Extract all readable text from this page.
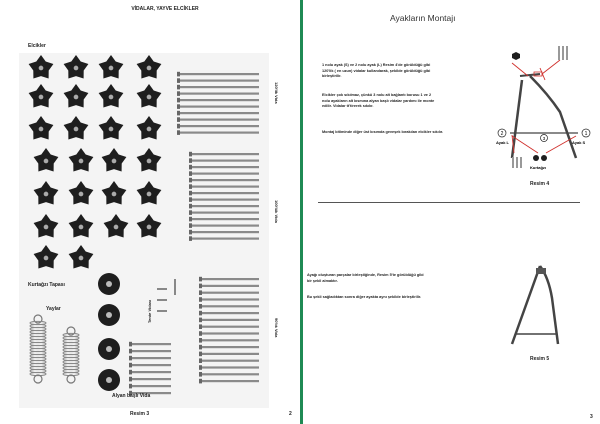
VİDALAR, YAYVE ELCİKLER
Elcikler
Kurtağzı Tapası
Yaylar	Tente Vidası
Alyan başlı Vida
120'lik Vida
100'lük Vida
90'lık Vida
Resim 3	2
Ayakların Montajı
1 nolu ayak (S) ve 2 nolu ayak (L) Resim 4'de görüldüğü gibi 120'lik ( en uzun) vidalar kullanılarak, şekilde görüldüğü gibi birleştirilir.
Elcikler çok sıkılmaz, çünkü 3 nolu alt bağlantı borusu 1 ve 2 nolu ayakların alt kısmına alyan başlı vidalar yardımı ile monte edilir. Vidalar tt'tirerek sıkılır.
Montaj bitiminde diğer üst kısımda geveşek bırakılan elcikler sıkılır.	2
3
1
Ayak L	Ayak S
Kurtağzı
Resim 4
Ayağı oluşturan parçalar birleştiğinde, Resim 5'te görüldüğü gibi bir şekil almaktır.
Bu şekli sağladıktan sonra diğer ayakta aynı şekilde birleştirilir.
Resim 5
3
